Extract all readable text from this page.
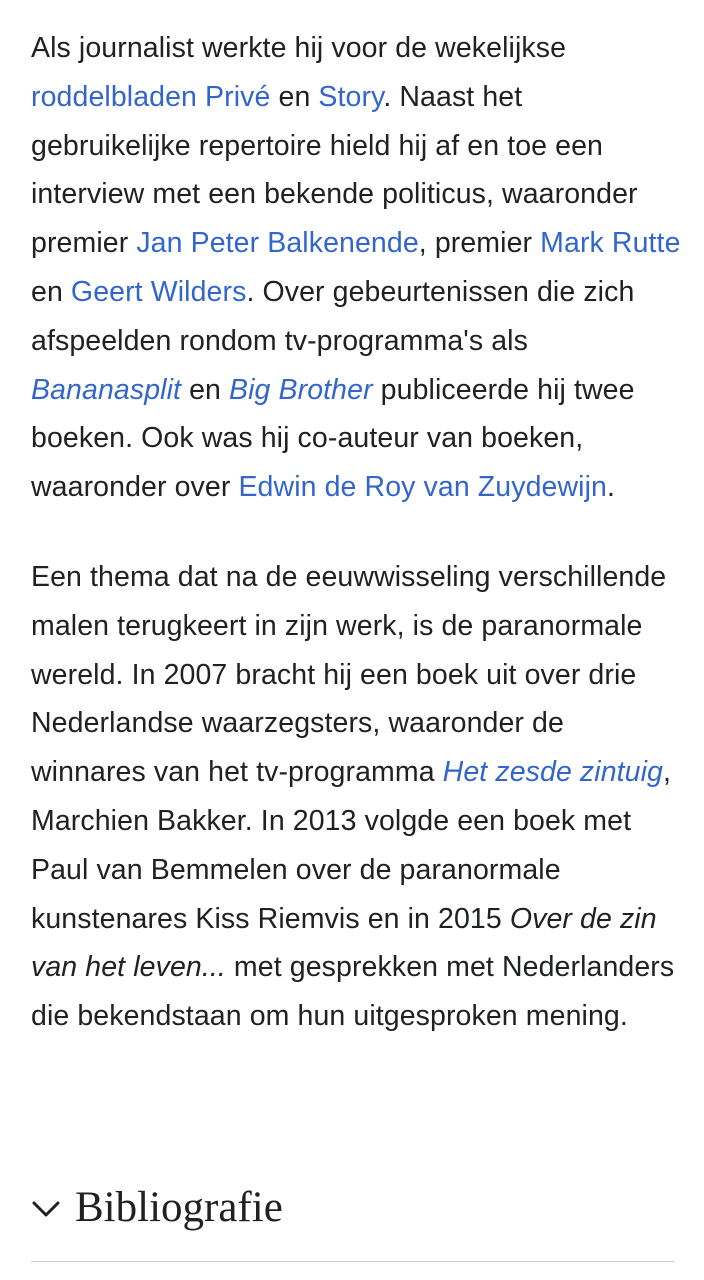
Als journalist werkte hij voor de wekelijkse roddelbladen Privé en Story. Naast het gebruikelijke repertoire hield hij af en toe een interview met een bekende politicus, waaronder premier Jan Peter Balkenende, premier Mark Rutte en Geert Wilders. Over gebeurtenissen die zich afspeelden rondom tv-programma's als Bananasplit en Big Brother publiceerde hij twee boeken. Ook was hij co-auteur van boeken, waaronder over Edwin de Roy van Zuydewijn.

Een thema dat na de eeuwwisseling verschillende malen terugkeert in zijn werk, is de paranormale wereld. In 2007 bracht hij een boek uit over drie Nederlandse waarzegsters, waaronder de winnares van het tv-programma Het zesde zintuig, Marchien Bakker. In 2013 volgde een boek met Paul van Bemmelen over de paranormale kunstenares Kiss Riemvis en in 2015 Over de zin van het leven... met gesprekken met Nederlanders die bekendstaan om hun uitgesproken mening.

Bibliografie
